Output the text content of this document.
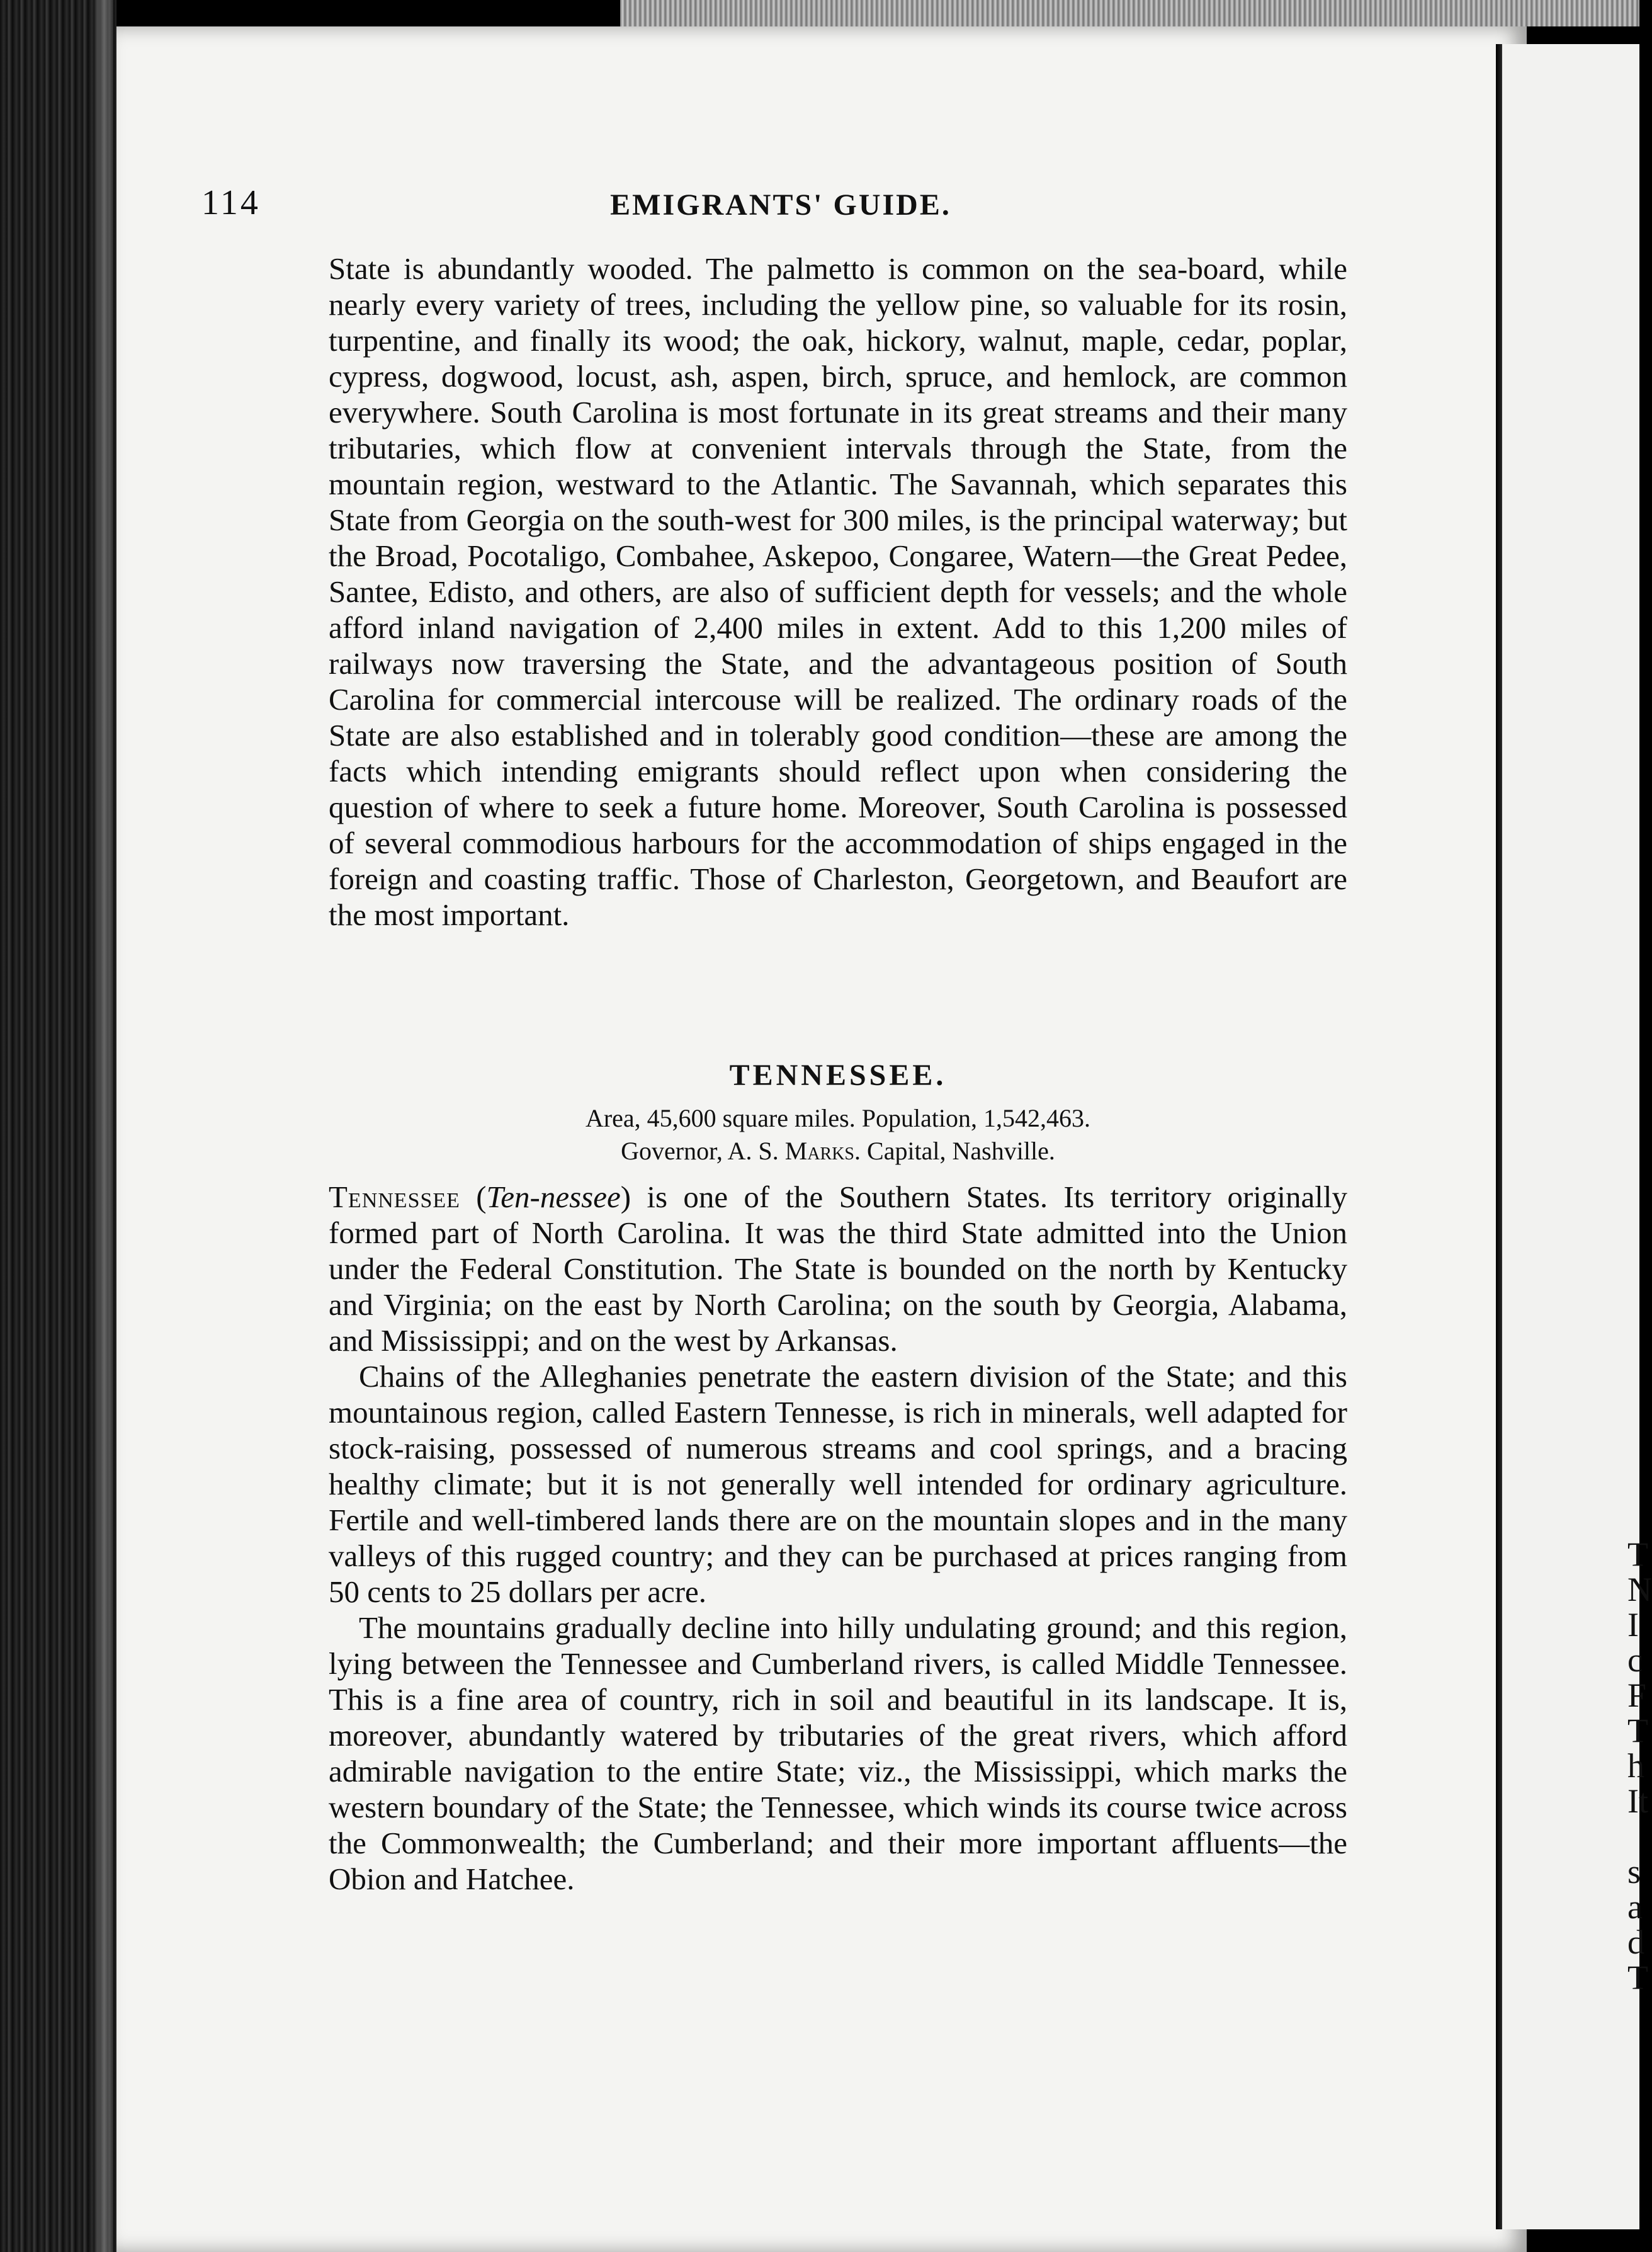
T
N
I
c
F
T
h
It
s
a
d
T
114	EMIGRANTS' GUIDE.

State is abundantly wooded. The palmetto is common on the sea-board, while nearly every variety of trees, including the yellow pine, so valuable for its rosin, turpentine, and finally its wood; the oak, hickory, walnut, maple, cedar, poplar, cypress, dogwood, locust, ash, aspen, birch, spruce, and hemlock, are common everywhere. South Carolina is most fortunate in its great streams and their many tributaries, which flow at convenient intervals through the State, from the mountain region, westward to the Atlantic. The Savannah, which separates this State from Georgia on the south-west for 300 miles, is the principal waterway; but the Broad, Pocotaligo, Combahee, Askepoo, Congaree, Watern—the Great Pedee, Santee, Edisto, and others, are also of sufficient depth for vessels; and the whole afford inland navigation of 2,400 miles in extent. Add to this 1,200 miles of railways now traversing the State, and the advantageous position of South Carolina for commercial intercouse will be realized. The ordinary roads of the State are also established and in tolerably good condition—these are among the facts which intending emigrants should reflect upon when considering the question of where to seek a future home. Moreover, South Carolina is possessed of several commodious harbours for the accommodation of ships engaged in the foreign and coasting traffic. Those of Charleston, Georgetown, and Beaufort are the most important.

TENNESSEE.
Area, 45,600 square miles. Population, 1,542,463.
Governor, A. S. Marks. Capital, Nashville.

Tennessee (Ten-nessee) is one of the Southern States. Its territory originally formed part of North Carolina. It was the third State admitted into the Union under the Federal Constitution. The State is bounded on the north by Kentucky and Virginia; on the east by North Carolina; on the south by Georgia, Alabama, and Mississippi; and on the west by Arkansas.

Chains of the Alleghanies penetrate the eastern division of the State; and this mountainous region, called Eastern Tennesse, is rich in minerals, well adapted for stock-raising, possessed of numerous streams and cool springs, and a bracing healthy climate; but it is not generally well intended for ordinary agriculture. Fertile and well-timbered lands there are on the mountain slopes and in the many valleys of this rugged country; and they can be purchased at prices ranging from 50 cents to 25 dollars per acre.

The mountains gradually decline into hilly undulating ground; and this region, lying between the Tennessee and Cumberland rivers, is called Middle Tennessee. This is a fine area of country, rich in soil and beautiful in its landscape. It is, moreover, abundantly watered by tributaries of the great rivers, which afford admirable navigation to the entire State; viz., the Mississippi, which marks the western boundary of the State; the Tennessee, which winds its course twice across the Commonwealth; the Cumberland; and their more important affluents—the Obion and Hatchee.
